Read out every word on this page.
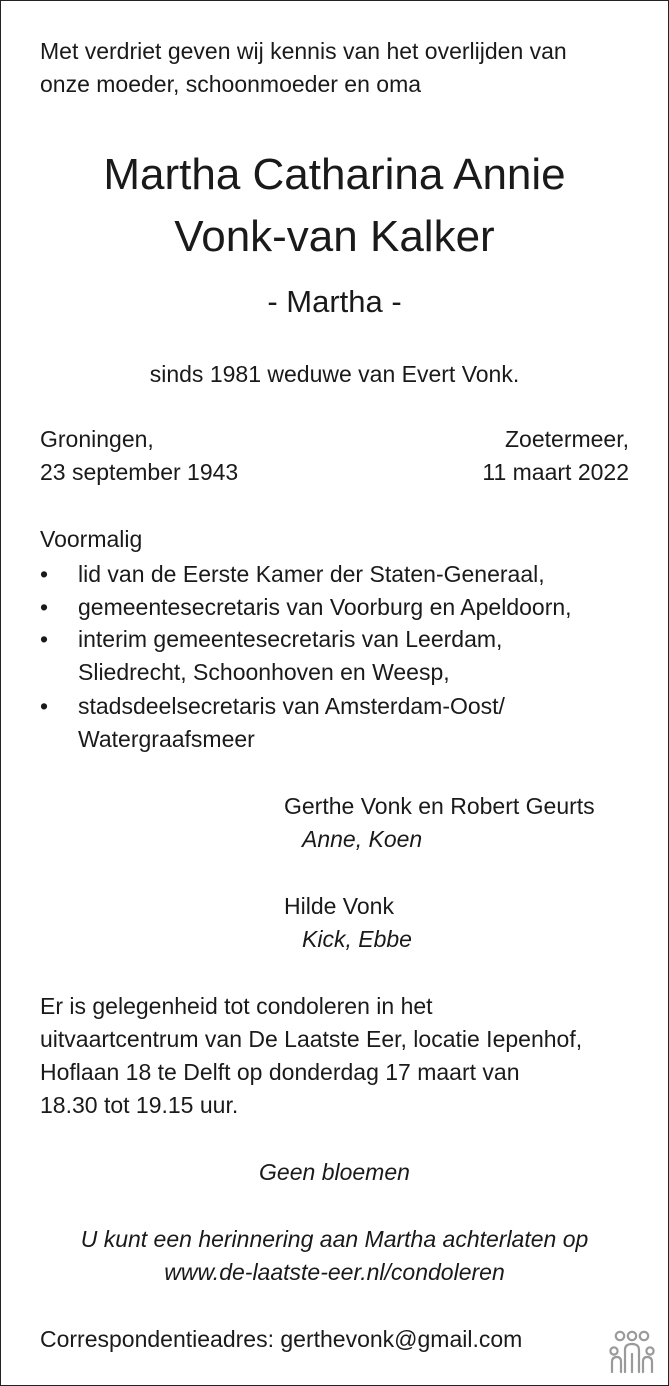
Met verdriet geven wij kennis van het overlijden van
onze moeder, schoonmoeder en oma
Martha Catharina Annie
Vonk-van Kalker
- Martha -
sinds 1981 weduwe van Evert Vonk.
Groningen,
23 september 1943
Zoetermeer,
11 maart 2022
Voormalig
• lid van de Eerste Kamer der Staten-Generaal,
• gemeentesecretaris van Voorburg en Apeldoorn,
• interim gemeentesecretaris van Leerdam,
Sliedrecht, Schoonhoven en Weesp,
• stadsdeelsecretaris van Amsterdam-Oost/
Watergraafsmeer
Gerthe Vonk en Robert Geurts
Anne, Koen
Hilde Vonk
Kick, Ebbe
Er is gelegenheid tot condoleren in het
uitvaartcentrum van De Laatste Eer, locatie Iepenhof,
Hoflaan 18 te Delft op donderdag 17 maart van
18.30 tot 19.15 uur.
Geen bloemen
U kunt een herinnering aan Martha achterlaten op
www.de-laatste-eer.nl/condoleren
Correspondentieadres: gerthevonk@gmail.com
